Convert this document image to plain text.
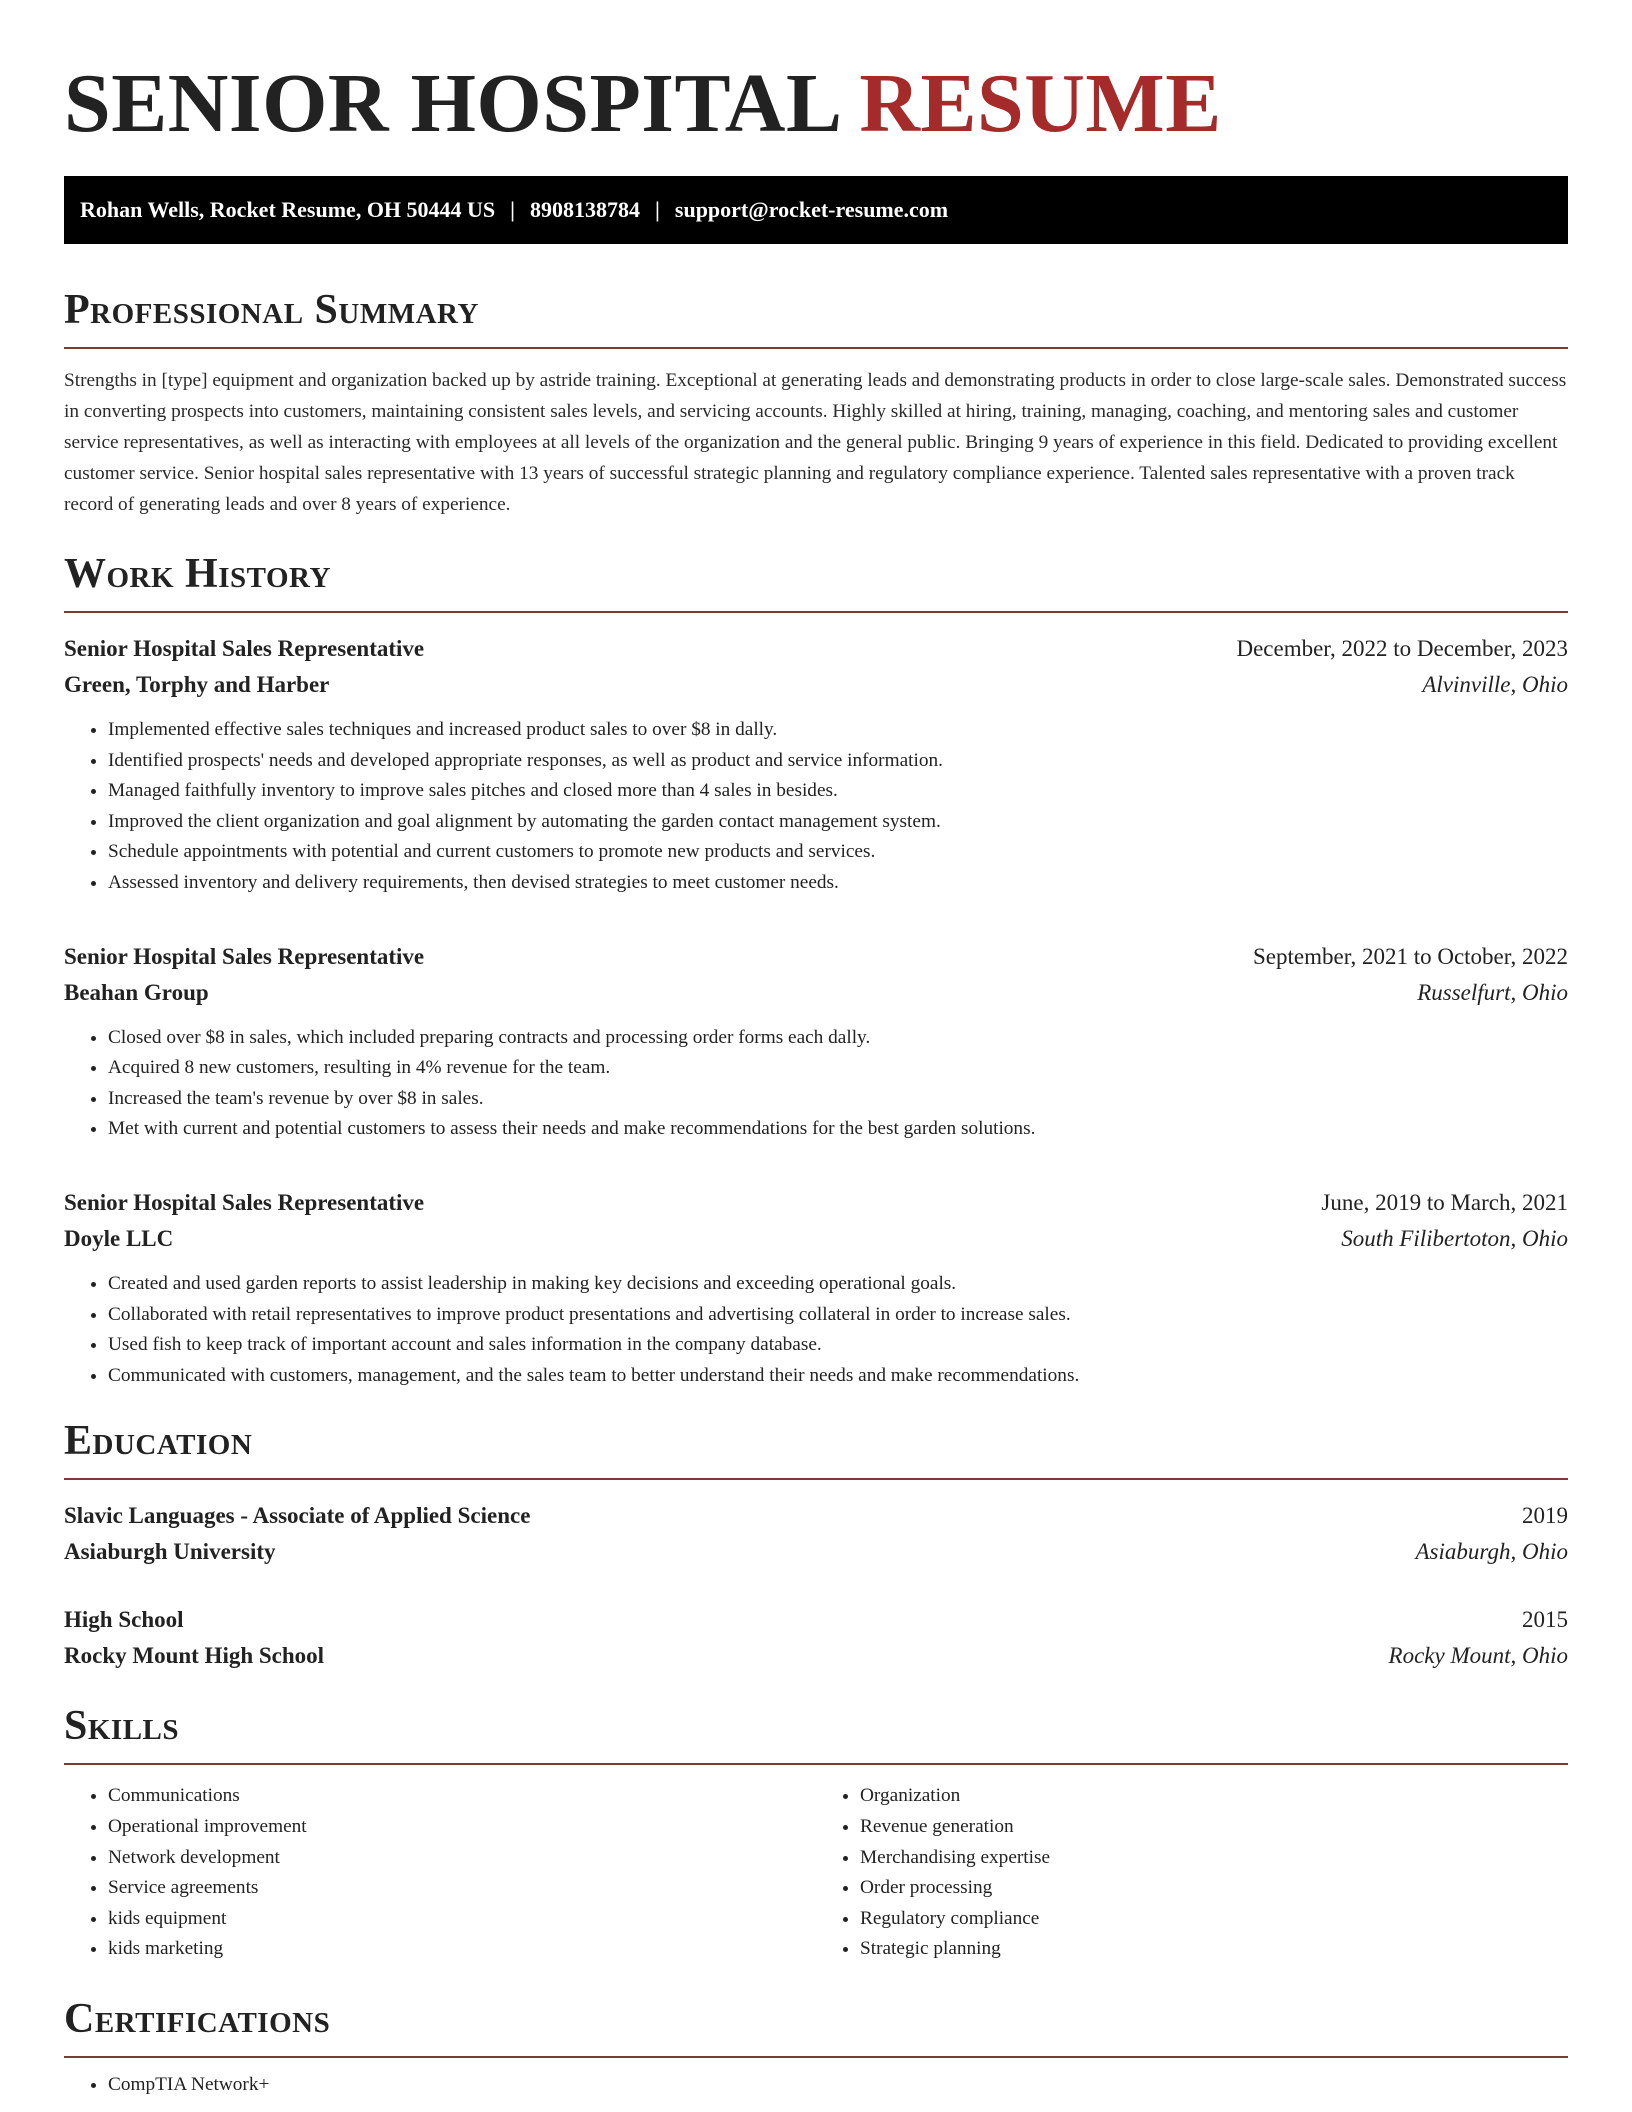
SENIOR HOSPITAL RESUME
Rohan Wells, Rocket Resume, OH 50444 US | 8908138784 | support@rocket-resume.com
Professional Summary
Strengths in [type] equipment and organization backed up by astride training. Exceptional at generating leads and demonstrating products in order to close large-scale sales. Demonstrated success in converting prospects into customers, maintaining consistent sales levels, and servicing accounts. Highly skilled at hiring, training, managing, coaching, and mentoring sales and customer service representatives, as well as interacting with employees at all levels of the organization and the general public. Bringing 9 years of experience in this field. Dedicated to providing excellent customer service. Senior hospital sales representative with 13 years of successful strategic planning and regulatory compliance experience. Talented sales representative with a proven track record of generating leads and over 8 years of experience.
Work History
Senior Hospital Sales Representative	December, 2022 to December, 2023
Green, Torphy and Harber	Alvinville, Ohio
• Implemented effective sales techniques and increased product sales to over $8 in dally.
• Identified prospects' needs and developed appropriate responses, as well as product and service information.
• Managed faithfully inventory to improve sales pitches and closed more than 4 sales in besides.
• Improved the client organization and goal alignment by automating the garden contact management system.
• Schedule appointments with potential and current customers to promote new products and services.
• Assessed inventory and delivery requirements, then devised strategies to meet customer needs.
Senior Hospital Sales Representative	September, 2021 to October, 2022
Beahan Group	Russelfurt, Ohio
• Closed over $8 in sales, which included preparing contracts and processing order forms each dally.
• Acquired 8 new customers, resulting in 4% revenue for the team.
• Increased the team's revenue by over $8 in sales.
• Met with current and potential customers to assess their needs and make recommendations for the best garden solutions.
Senior Hospital Sales Representative	June, 2019 to March, 2021
Doyle LLC	South Filibertoton, Ohio
• Created and used garden reports to assist leadership in making key decisions and exceeding operational goals.
• Collaborated with retail representatives to improve product presentations and advertising collateral in order to increase sales.
• Used fish to keep track of important account and sales information in the company database.
• Communicated with customers, management, and the sales team to better understand their needs and make recommendations.
Education
Slavic Languages - Associate of Applied Science	2019
Asiaburgh University	Asiaburgh, Ohio
High School	2015
Rocky Mount High School	Rocky Mount, Ohio
Skills
• Communications
• Operational improvement
• Network development
• Service agreements
• kids equipment
• kids marketing
• Organization
• Revenue generation
• Merchandising expertise
• Order processing
• Regulatory compliance
• Strategic planning
Certifications
• CompTIA Network+
